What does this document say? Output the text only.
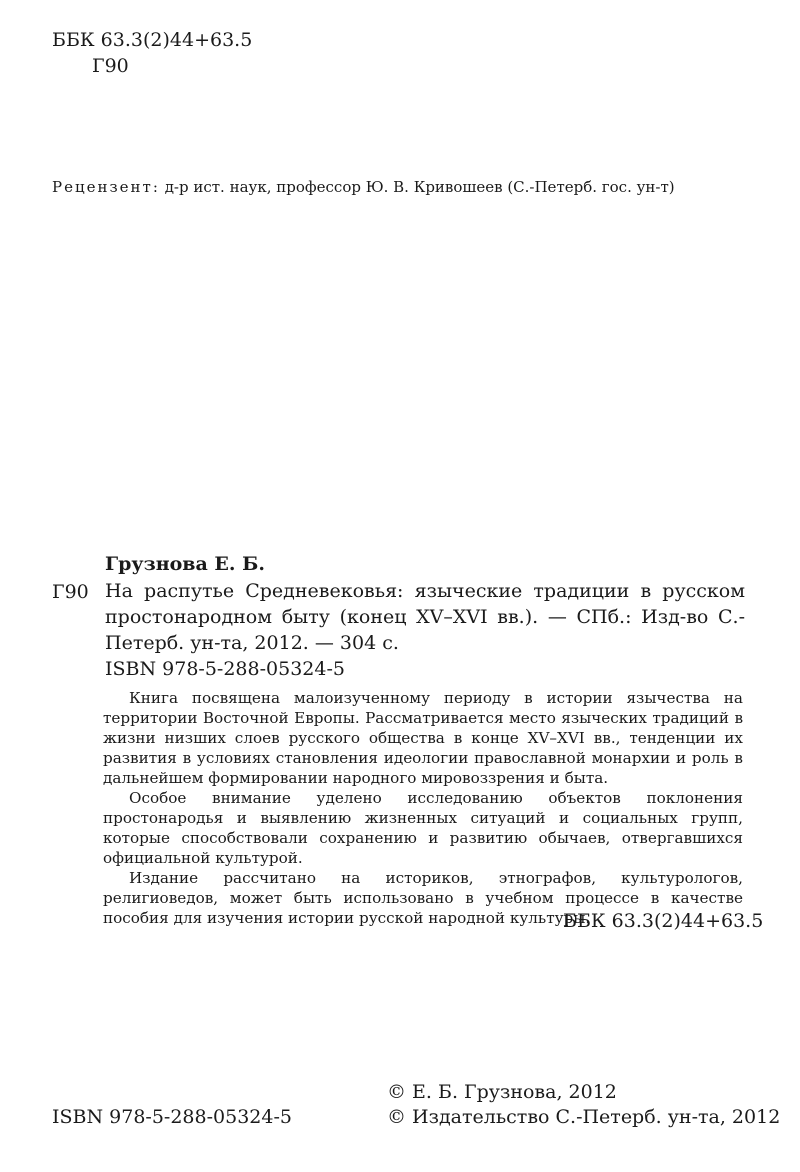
ББК 63.3(2)44+63.5
Г90
Рецензент: д-р ист. наук, профессор Ю. В. Кривошеев (С.-Петерб. гос. ун-т)
Грузнова Е. Б.
Г90 На распутье Средневековья: языческие традиции в русском простонародном быту (конец XV–XVI вв.). — СПб.: Изд-во С.-Петерб. ун-та, 2012. — 304 с.
ISBN 978-5-288-05324-5

Книга посвящена малоизученному периоду в истории язычества на территории Восточной Европы. Рассматривается место языческих традиций в жизни низших слоев русского общества в конце XV–XVI вв., тенденции их развития в условиях становления идеологии православной монархии и роль в дальнейшем формировании народного мировоззрения и быта.

Особое внимание уделено исследованию объектов поклонения простонародья и выявлению жизненных ситуаций и социальных групп, которые способствовали сохранению и развитию обычаев, отвергавшихся официальной культурой.

Издание рассчитано на историков, этнографов, культурологов, религиоведов, может быть использовано в учебном процессе в качестве пособия для изучения истории русской народной культуры.

ББК 63.3(2)44+63.5
© Е. Б. Грузнова, 2012
ISBN 978-5-288-05324-5	© Издательство С.-Петерб. ун-та, 2012
